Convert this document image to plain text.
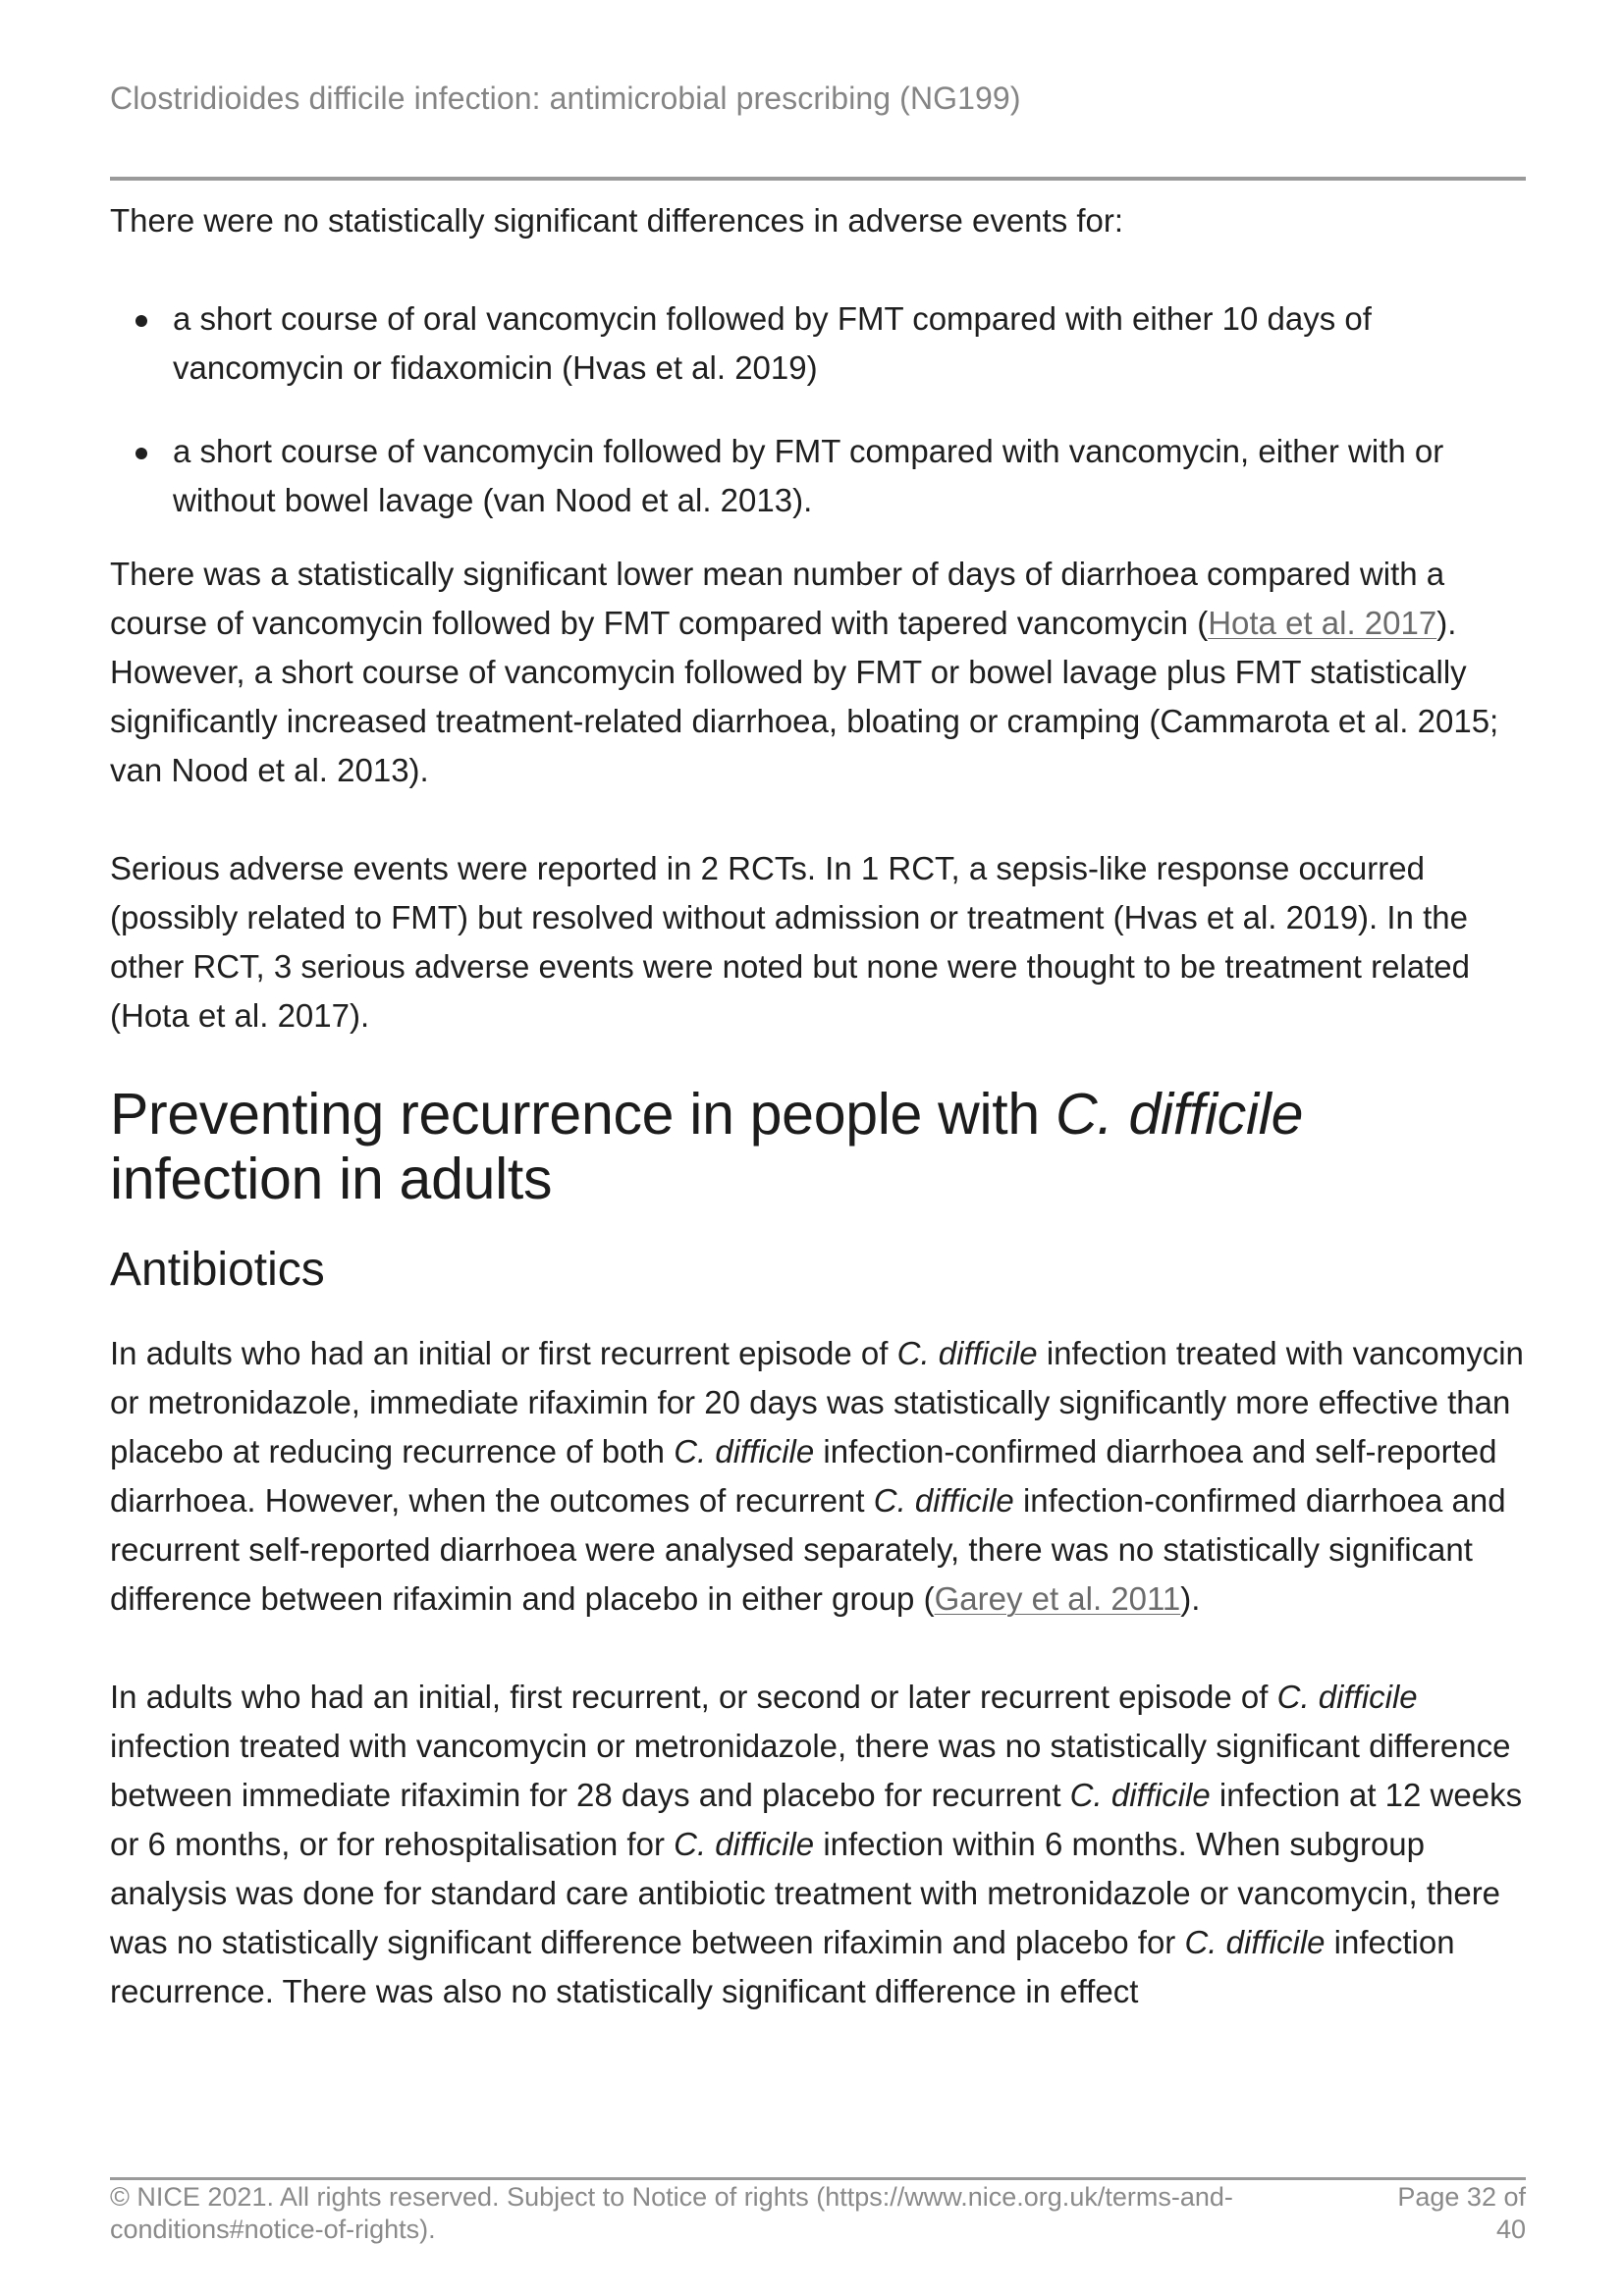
Clostridioides difficile infection: antimicrobial prescribing (NG199)

There were no statistically significant differences in adverse events for:

a short course of oral vancomycin followed by FMT compared with either 10 days of vancomycin or fidaxomicin (Hvas et al. 2019)
a short course of vancomycin followed by FMT compared with vancomycin, either with or without bowel lavage (van Nood et al. 2013).

There was a statistically significant lower mean number of days of diarrhoea compared with a course of vancomycin followed by FMT compared with tapered vancomycin (Hota et al. 2017). However, a short course of vancomycin followed by FMT or bowel lavage plus FMT statistically significantly increased treatment-related diarrhoea, bloating or cramping (Cammarota et al. 2015; van Nood et al. 2013).

Serious adverse events were reported in 2 RCTs. In 1 RCT, a sepsis-like response occurred (possibly related to FMT) but resolved without admission or treatment (Hvas et al. 2019). In the other RCT, 3 serious adverse events were noted but none were thought to be treatment related (Hota et al. 2017).

Preventing recurrence in people with C. difficile infection in adults
Antibiotics

In adults who had an initial or first recurrent episode of C. difficile infection treated with vancomycin or metronidazole, immediate rifaximin for 20 days was statistically significantly more effective than placebo at reducing recurrence of both C. difficile infection-confirmed diarrhoea and self-reported diarrhoea. However, when the outcomes of recurrent C. difficile infection-confirmed diarrhoea and recurrent self-reported diarrhoea were analysed separately, there was no statistically significant difference between rifaximin and placebo in either group (Garey et al. 2011).

In adults who had an initial, first recurrent, or second or later recurrent episode of C. difficile infection treated with vancomycin or metronidazole, there was no statistically significant difference between immediate rifaximin for 28 days and placebo for recurrent C. difficile infection at 12 weeks or 6 months, or for rehospitalisation for C. difficile infection within 6 months. When subgroup analysis was done for standard care antibiotic treatment with metronidazole or vancomycin, there was no statistically significant difference between rifaximin and placebo for C. difficile infection recurrence. There was also no statistically significant difference in effect

© NICE 2021. All rights reserved. Subject to Notice of rights (https://www.nice.org.uk/terms-and-conditions#notice-of-rights).
Page 32 of 40
